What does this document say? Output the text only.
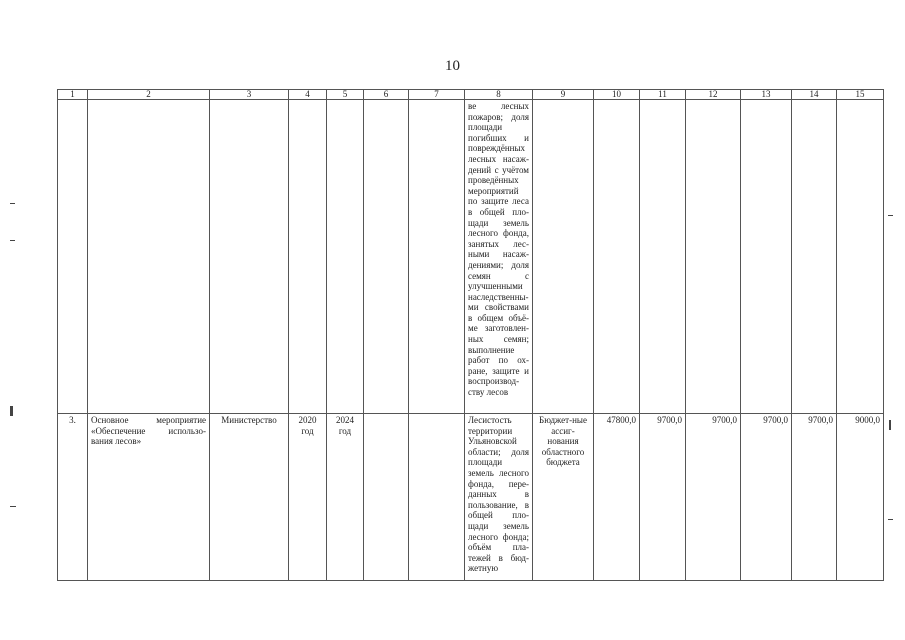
10
1	2	3	4	5	6	7	8	9	10	11	12	13	14	15
							ве лесных пожаров; доля площади погибших и повреждённых лесных насаж-дений с учётом проведённых мероприятий по защите леса в общей пло-щади земель лесного фонда, занятых лес-ными насаж-дениями; доля семян с улучшенными наследственны-ми свойствами в общем объё-ме заготовлен-ных семян; выполнение работ по ох-ране, защите и воспроизвод-ству лесов							
3.	Основное мероприятие «Обеспечение использо-вания лесов»	Министерство	2020 год	2024 год			Лесистость территории Ульяновской области; доля площади земель лесного фонда, пере-данных в пользование, в общей пло-щади земель лесного фонда; объём пла-тежей в бюд-жетную	Бюджет-ные ассиг-нования областного бюджета	47800,0	9700,0	9700,0	9700,0	9700,0	9000,0
